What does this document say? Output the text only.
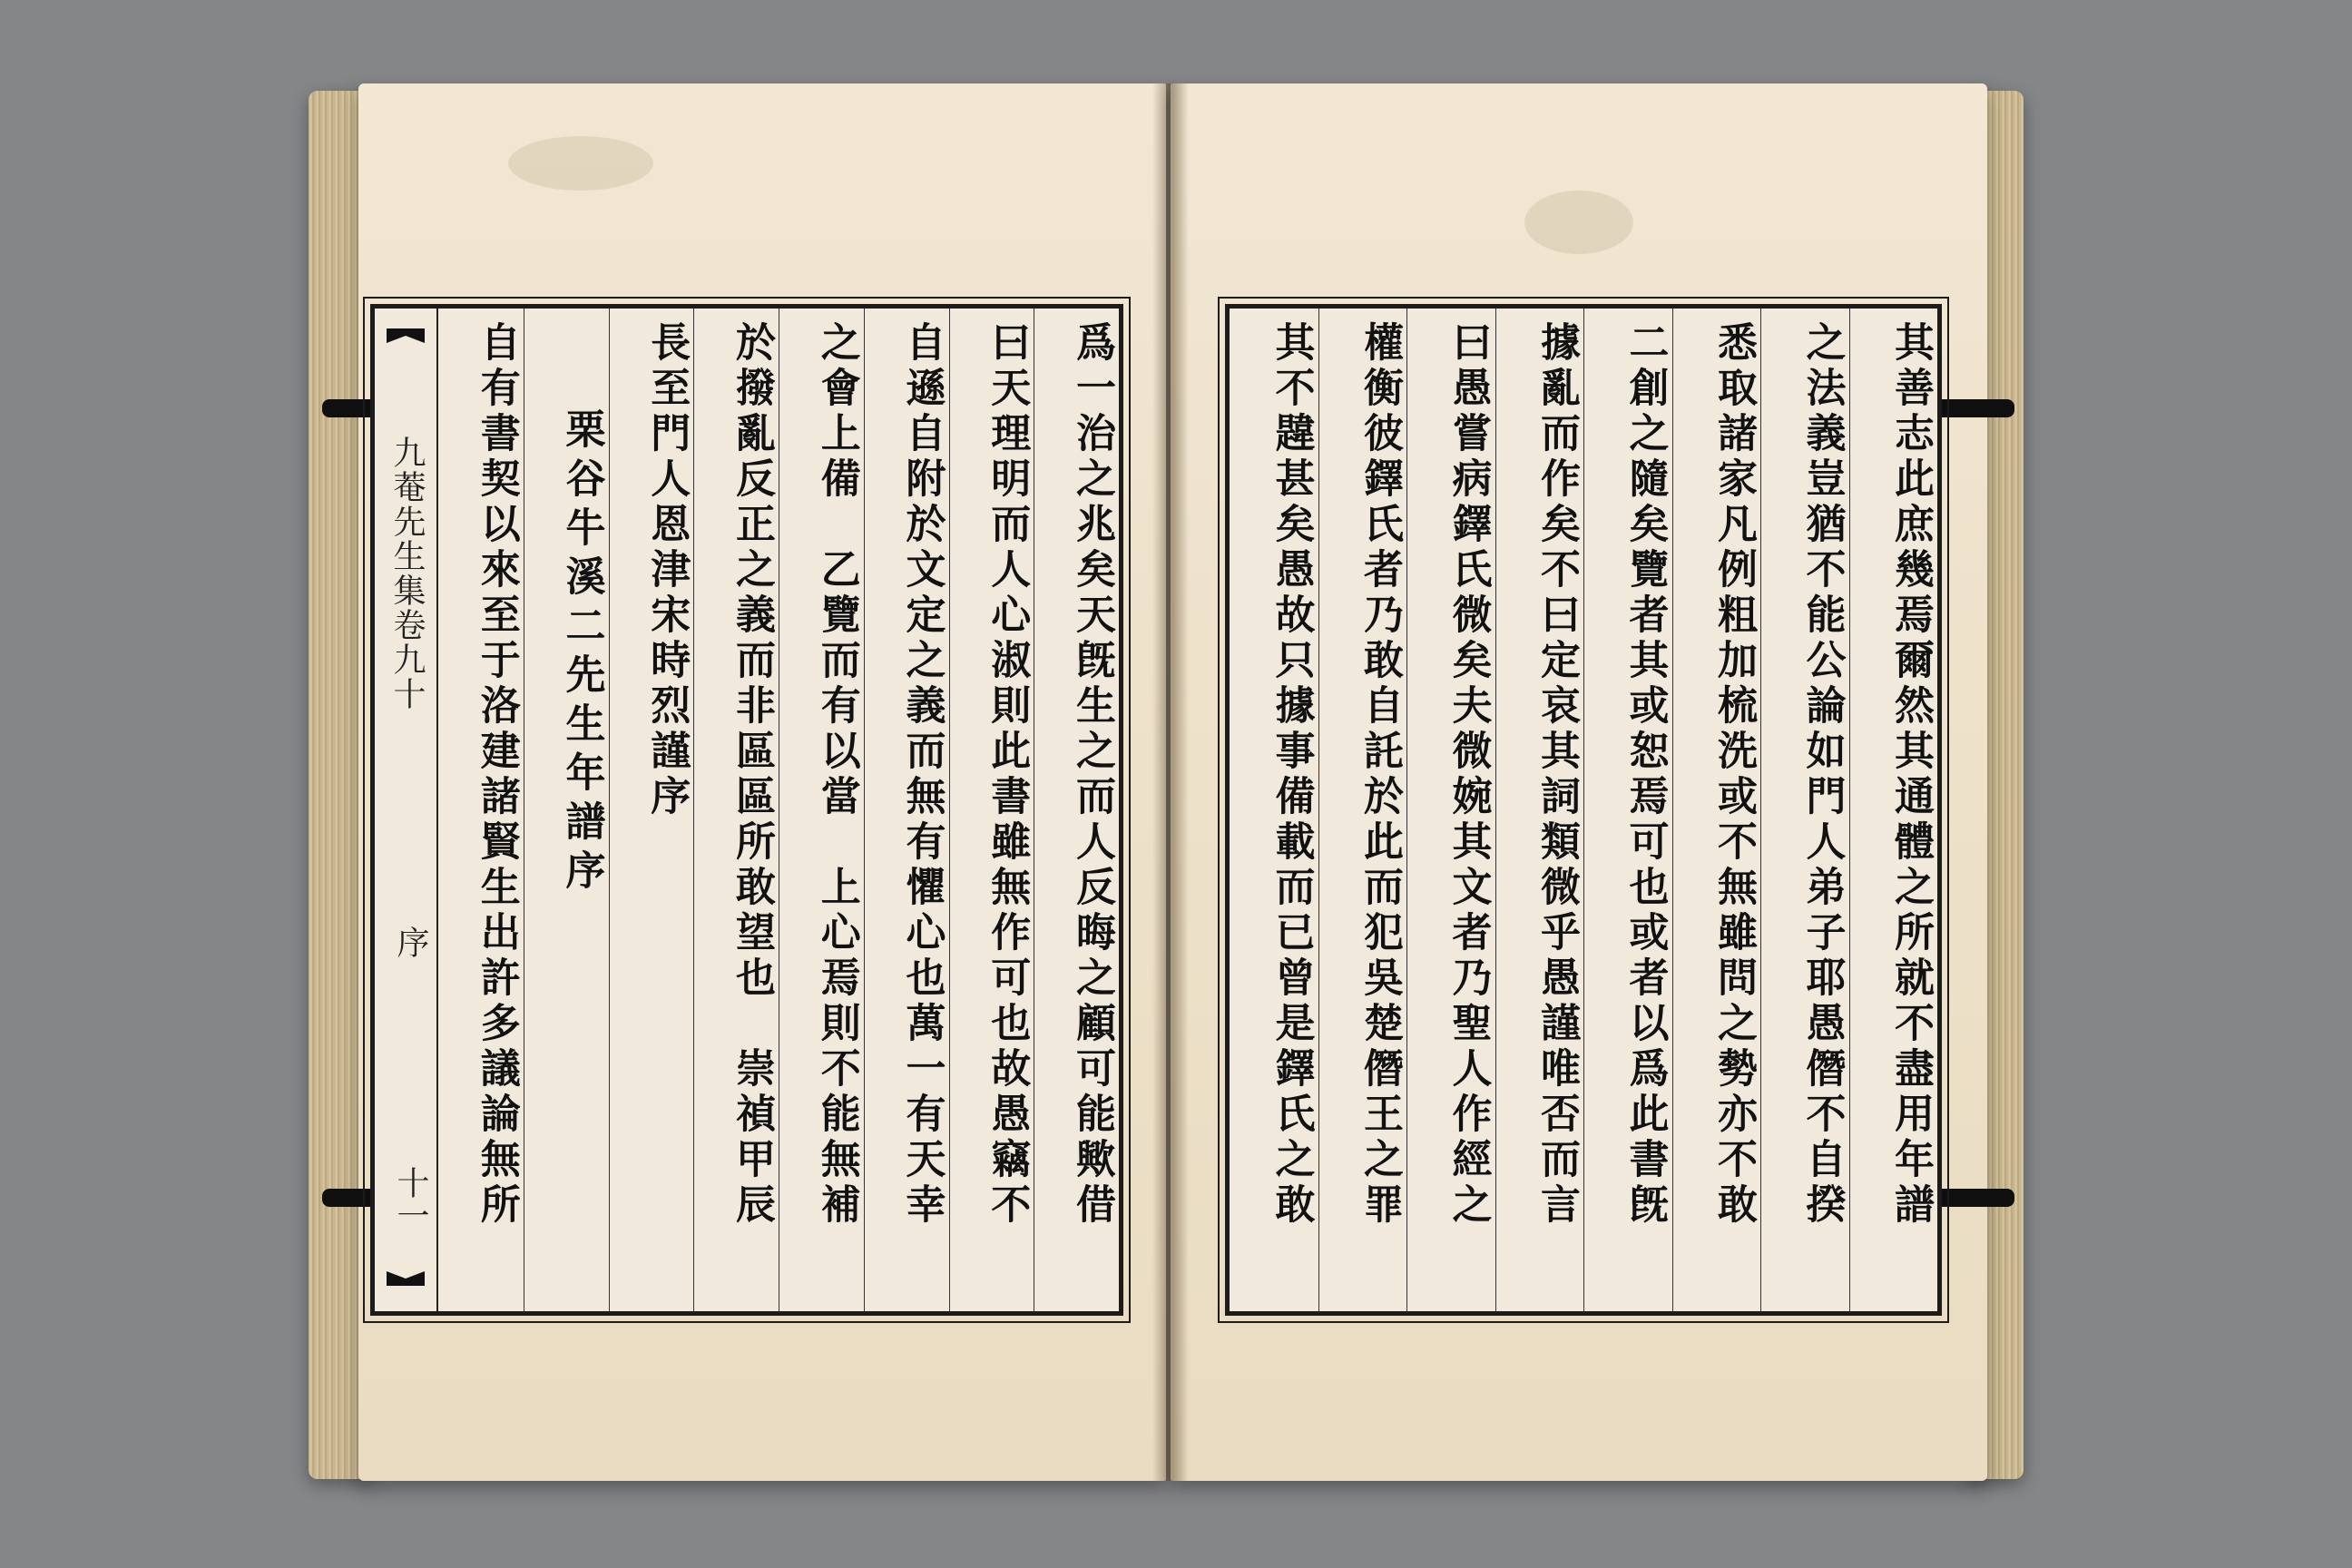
九菴先生集卷九十
序
十一	爲一治之兆矣天旣生之而人反晦之顧可能歟借
曰天理明而人心淑則此書雖無作可也故愚竊不
自遜自附於文定之義而無有懼心也萬一有天幸
之會上備　乙覽而有以當　上心焉則不能無補
於撥亂反正之義而非區區所敢望也　崇禎甲辰
長至門人恩津宋時烈謹序
栗谷牛溪二先生年譜序
自有書契以來至于洛建諸賢生出許多議論無所	其善志此庶幾焉爾然其通體之所就不盡用年譜
之法義豈猶不能公論如門人弟子耶愚僭不自揆
悉取諸家凡例粗加梳洗或不無雖問之勢亦不敢
二創之隨矣覽者其或恕焉可也或者以爲此書旣
據亂而作矣不曰定哀其詞類微乎愚謹唯否而言
曰愚嘗病鐸氏微矣夫微婉其文者乃聖人作經之
權衡彼鐸氏者乃敢自託於此而犯吳楚僭王之罪
其不韙甚矣愚故只據事備載而已曾是鐸氏之敢
